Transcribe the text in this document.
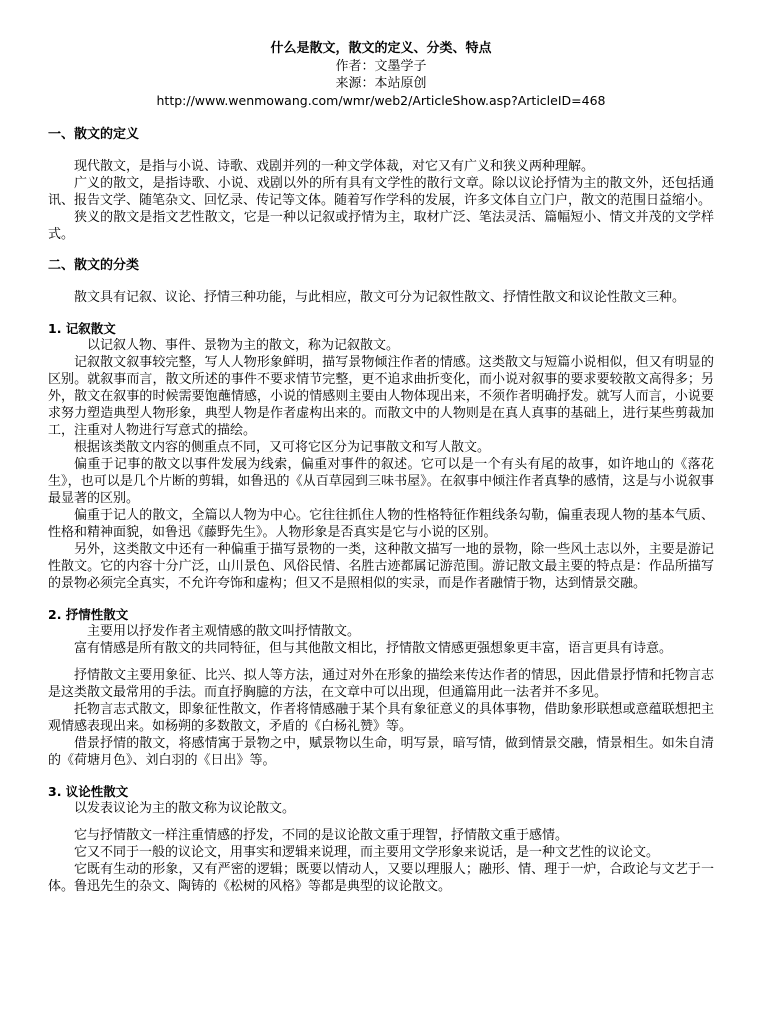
什么是散文，散文的定义、分类、特点
作者：文墨学子
来源：本站原创
http://www.wenmowang.com/wmr/web2/ArticleShow.asp?ArticleID=468
一、散文的定义

现代散文，是指与小说、诗歌、戏剧并列的一种文学体裁，对它又有广义和狭义两种理解。

广义的散文，是指诗歌、小说、戏剧以外的所有具有文学性的散行文章。除以议论抒情为主的散文外，还包括通讯、报告文学、随笔杂文、回忆录、传记等文体。随着写作学科的发展，许多文体自立门户，散文的范围日益缩小。

狭义的散文是指文艺性散文，它是一种以记叙或抒情为主，取材广泛、笔法灵活、篇幅短小、情文并茂的文学样式。

二、散文的分类

散文具有记叙、议论、抒情三种功能，与此相应，散文可分为记叙性散文、抒情性散文和议论性散文三种。

1. 记叙散文

以记叙人物、事件、景物为主的散文，称为记叙散文。

记叙散文叙事较完整，写人人物形象鲜明，描写景物倾注作者的情感。这类散文与短篇小说相似，但又有明显的区别。就叙事而言，散文所述的事件不要求情节完整，更不追求曲折变化，而小说对叙事的要求要较散文高得多；另外，散文在叙事的时候需要饱蘸情感，小说的情感则主要由人物体现出来，不须作者明确抒发。就写人而言，小说要求努力塑造典型人物形象，典型人物是作者虚构出来的。而散文中的人物则是在真人真事的基础上，进行某些剪裁加工，注重对人物进行写意式的描绘。

根据该类散文内容的侧重点不同，又可将它区分为记事散文和写人散文。

偏重于记事的散文以事件发展为线索，偏重对事件的叙述。它可以是一个有头有尾的故事，如许地山的《落花生》，也可以是几个片断的剪辑，如鲁迅的《从百草园到三味书屋》。在叙事中倾注作者真挚的感情，这是与小说叙事最显著的区别。

偏重于记人的散文，全篇以人物为中心。它往往抓住人物的性格特征作粗线条勾勒，偏重表现人物的基本气质、性格和精神面貌，如鲁迅《藤野先生》。人物形象是否真实是它与小说的区别。

另外，这类散文中还有一种偏重于描写景物的一类，这种散文描写一地的景物，除一些风土志以外，主要是游记性散文。它的内容十分广泛，山川景色、风俗民情、名胜古迹都属记游范围。游记散文最主要的特点是：作品所描写的景物必须完全真实，不允许夸饰和虚构；但又不是照相似的实录，而是作者融情于物，达到情景交融。

2. 抒情性散文

主要用以抒发作者主观情感的散文叫抒情散文。

富有情感是所有散文的共同特征，但与其他散文相比，抒情散文情感更强想象更丰富，语言更具有诗意。

抒情散文主要用象征、比兴、拟人等方法，通过对外在形象的描绘来传达作者的情思，因此借景抒情和托物言志是这类散文最常用的手法。而直抒胸臆的方法，在文章中可以出现，但通篇用此一法者并不多见。

托物言志式散文，即象征性散文，作者将情感融于某个具有象征意义的具体事物，借助象形联想或意蕴联想把主观情感表现出来。如杨朔的多数散文，矛盾的《白杨礼赞》等。

借景抒情的散文，将感情寓于景物之中，赋景物以生命，明写景，暗写情，做到情景交融，情景相生。如朱自清的《荷塘月色》、刘白羽的《日出》等。

3. 议论性散文

以发表议论为主的散文称为议论散文。

它与抒情散文一样注重情感的抒发，不同的是议论散文重于理智，抒情散文重于感情。

它又不同于一般的议论文，用事实和逻辑来说理，而主要用文学形象来说话，是一种文艺性的议论文。

它既有生动的形象，又有严密的逻辑；既要以情动人，又要以理服人；融形、情、理于一炉，合政论与文艺于一体。鲁迅先生的杂文、陶铸的《松树的风格》等都是典型的议论散文。
